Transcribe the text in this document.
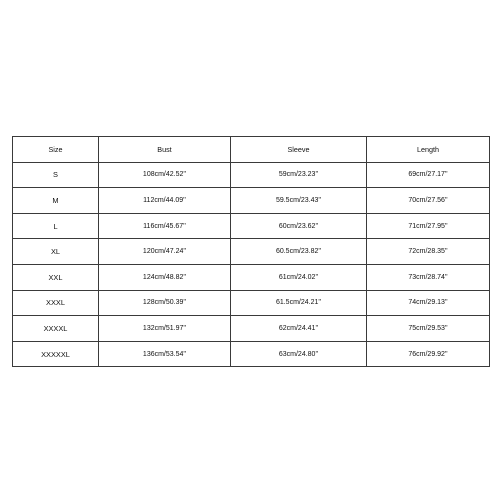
Size	Bust	Sleeve	Length
S	108cm/42.52''	59cm/23.23''	69cm/27.17''
M	112cm/44.09''	59.5cm/23.43''	70cm/27.56''
L	116cm/45.67''	60cm/23.62''	71cm/27.95''
XL	120cm/47.24''	60.5cm/23.82''	72cm/28.35''
XXL	124cm/48.82''	61cm/24.02''	73cm/28.74''
XXXL	128cm/50.39''	61.5cm/24.21''	74cm/29.13''
XXXXL	132cm/51.97''	62cm/24.41''	75cm/29.53''
XXXXXL	136cm/53.54''	63cm/24.80''	76cm/29.92''
